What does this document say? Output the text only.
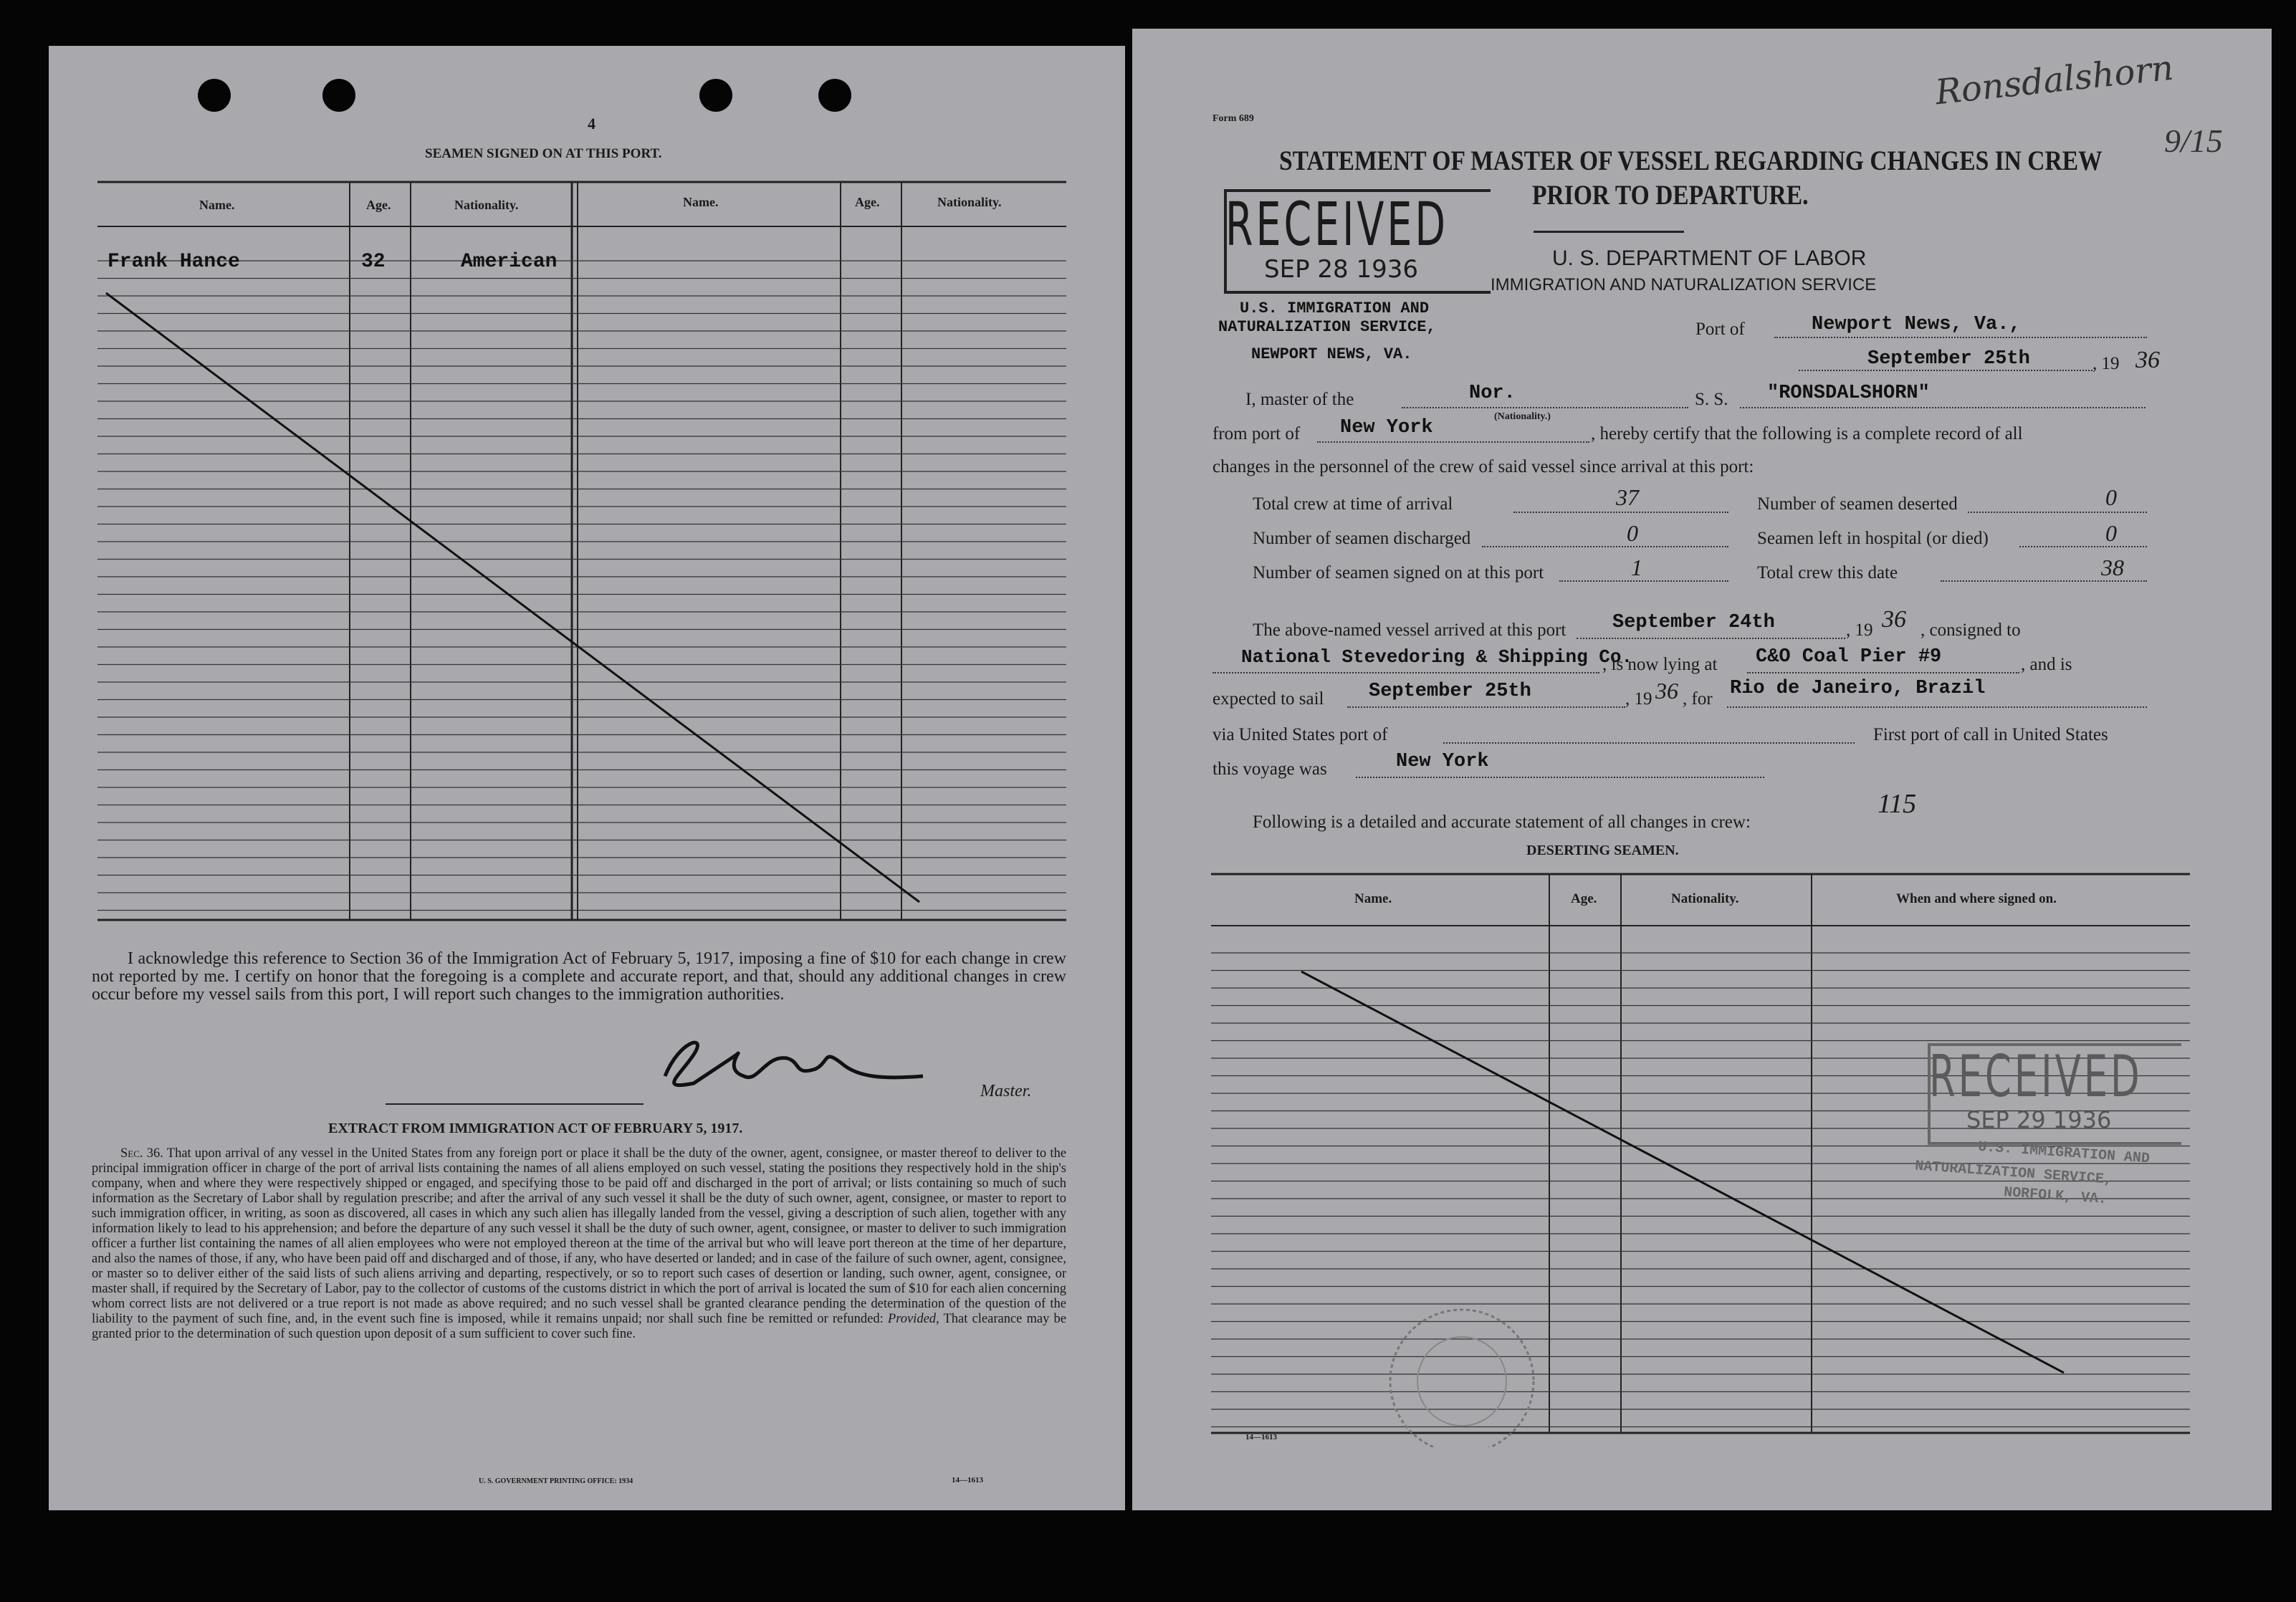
4
SEAMEN SIGNED ON AT THIS PORT.
Name.	Age.	Nationality.	Name.	Age.	Nationality.
Frank Hance	32	American
I acknowledge this reference to Section 36 of the Immigration Act of February 5, 1917, imposing a fine of $10 for each change in crew not reported by me. I certify on honor that the foregoing is a complete and accurate report, and that, should any additional changes in crew occur before my vessel sails from this port, I will report such changes to the immigration authorities.
Master.
EXTRACT FROM IMMIGRATION ACT OF FEBRUARY 5, 1917.
Sec. 36. That upon arrival of any vessel in the United States from any foreign port or place it shall be the duty of the owner, agent, consignee, or master thereof to deliver to the principal immigration officer in charge of the port of arrival lists containing the names of all aliens employed on such vessel, stating the positions they respectively hold in the ship's company, when and where they were respectively shipped or engaged, and specifying those to be paid off and discharged in the port of arrival; or lists containing so much of such information as the Secretary of Labor shall by regulation prescribe; and after the arrival of any such vessel it shall be the duty of such owner, agent, consignee, or master to report to such immigration officer, in writing, as soon as discovered, all cases in which any such alien has illegally landed from the vessel, giving a description of such alien, together with any information likely to lead to his apprehension; and before the departure of any such vessel it shall be the duty of such owner, agent, consignee, or master to deliver to such immigration officer a further list containing the names of all alien employees who were not employed thereon at the time of the arrival but who will leave port thereon at the time of her departure, and also the names of those, if any, who have been paid off and discharged and of those, if any, who have deserted or landed; and in case of the failure of such owner, agent, consignee, or master so to deliver either of the said lists of such aliens arriving and departing, respectively, or so to report such cases of desertion or landing, such owner, agent, consignee, or master shall, if required by the Secretary of Labor, pay to the collector of customs of the customs district in which the port of arrival is located the sum of $10 for each alien concerning whom correct lists are not delivered or a true report is not made as above required; and no such vessel shall be granted clearance pending the determination of the question of the liability to the payment of such fine, and, in the event such fine is imposed, while it remains unpaid; nor shall such fine be remitted or refunded: Provided, That clearance may be granted prior to the determination of such question upon deposit of a sum sufficient to cover such fine.
U. S. GOVERNMENT PRINTING OFFICE: 1934	14—1613
Form 689
Ronsdalshorn
9/15
STATEMENT OF MASTER OF VESSEL REGARDING CHANGES IN CREW
PRIOR TO DEPARTURE.
U. S. DEPARTMENT OF LABOR
IMMIGRATION AND NATURALIZATION SERVICE
RECEIVED
SEP 28 1936
U.S. IMMIGRATION AND
NATURALIZATION SERVICE,
NEWPORT NEWS, VA.
Port of	Newport News, Va.,
September 25th	, 19 36
I, master of the	Nor.
(Nationality.)
S. S. "RONSDALSHORN"
from port of New York	, hereby certify that the following is a complete record of all
changes in the personnel of the crew of said vessel since arrival at this port:
Total crew at time of arrival	37
Number of seamen discharged	0
Number of seamen signed on at this port	1
Number of seamen deserted	0
Seamen left in hospital (or died)	0
Total crew this date	38
The above-named vessel arrived at this port September 24th	, 19 36 , consigned to
National Stevedoring & Shipping Co.
, is now lying at C&O Coal Pier #9	, and is
expected to sail September 25th	, 19 36 , for Rio de Janeiro, Brazil
via United States port of	First port of call in United States
this voyage was	New York
Following is a detailed and accurate statement of all changes in crew:
115
DESERTING SEAMEN.
Name.	Age.	Nationality.	When and where signed on.
RECEIVED
SEP 29 1936
U.S. IMMIGRATION AND
NATURALIZATION SERVICE,
NORFOLK, VA.
14—1613
